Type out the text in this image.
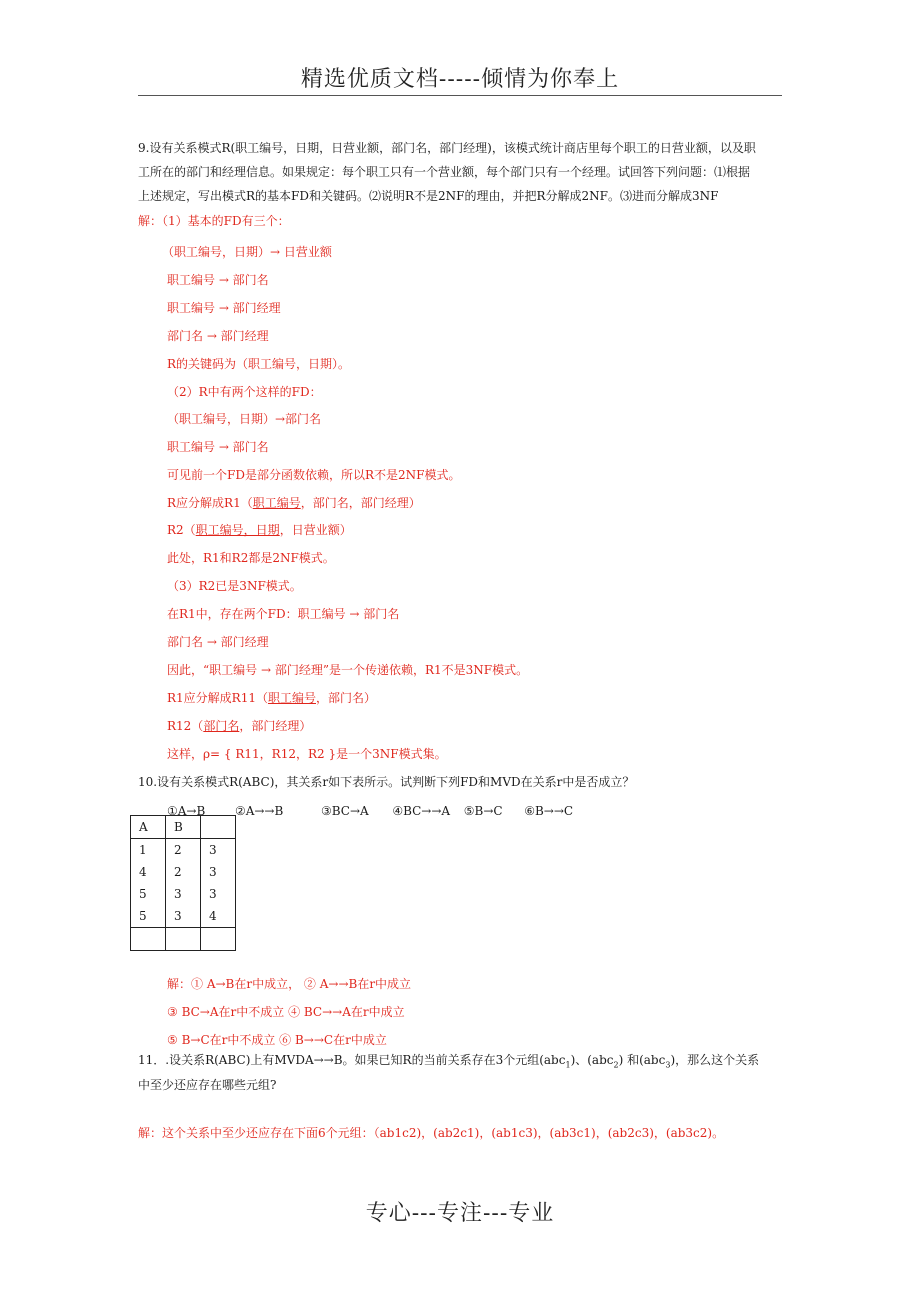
精选优质文档-----倾情为你奉上
9.设有关系模式R(职工编号，日期，日营业额，部门名，部门经理)，该模式统计商店里每个职工的日营业额，以及职
工所在的部门和经理信息。如果规定：每个职工只有一个营业额，每个部门只有一个经理。试回答下列问题：⑴根据
上述规定，写出模式R的基本FD和关键码。⑵说明R不是2NF的理由，并把R分解成2NF。⑶进而分解成3NF
解：（1）基本的FD有三个：
（职工编号，日期）→ 日营业额
职工编号 → 部门名
职工编号 → 部门经理
部门名 → 部门经理
R的关键码为（职工编号，日期）。
（2）R中有两个这样的FD：
（职工编号，日期）→部门名
职工编号 → 部门名
可见前一个FD是部分函数依赖，所以R不是2NF模式。
R应分解成R1（职工编号，部门名，部门经理）
R2（职工编号，日期，日营业额）
此处，R1和R2都是2NF模式。
（3）R2已是3NF模式。
在R1中，存在两个FD：职工编号 → 部门名
部门名 → 部门经理
因此，“职工编号 → 部门经理”是一个传递依赖，R1不是3NF模式。
R1应分解成R11（职工编号，部门名）
R12（部门名，部门经理）
这样，ρ= { R11，R12，R2 }是一个3NF模式集。
10.设有关系模式R(ABC)，其关系r如下表所示。试判断下列FD和MVD在关系r中是否成立？
①A→B ②A→→B	③BC→A ④BC→→A ⑤B→C ⑥B→→C
A	B	
1	2	3
4	2	3
5	3	3
5	3	4

解：① A→B在r中成立， ② A→→B在r中成立
③ BC→A在r中不成立 ④ BC→→A在r中成立
⑤ B→C在r中不成立 ⑥ B→→C在r中成立
11．.设关系R(ABC)上有MVDA→→B。如果已知R的当前关系存在3个元组(abc$_1$)、(abc$_2$) 和(abc$_3$)，那么这个关系
中至少还应存在哪些元组?
解：这个关系中至少还应存在下面6个元组：（ab1c2)，(ab2c1)，(ab1c3)，(ab3c1)，(ab2c3)，(ab3c2)。
专心---专注---专业
